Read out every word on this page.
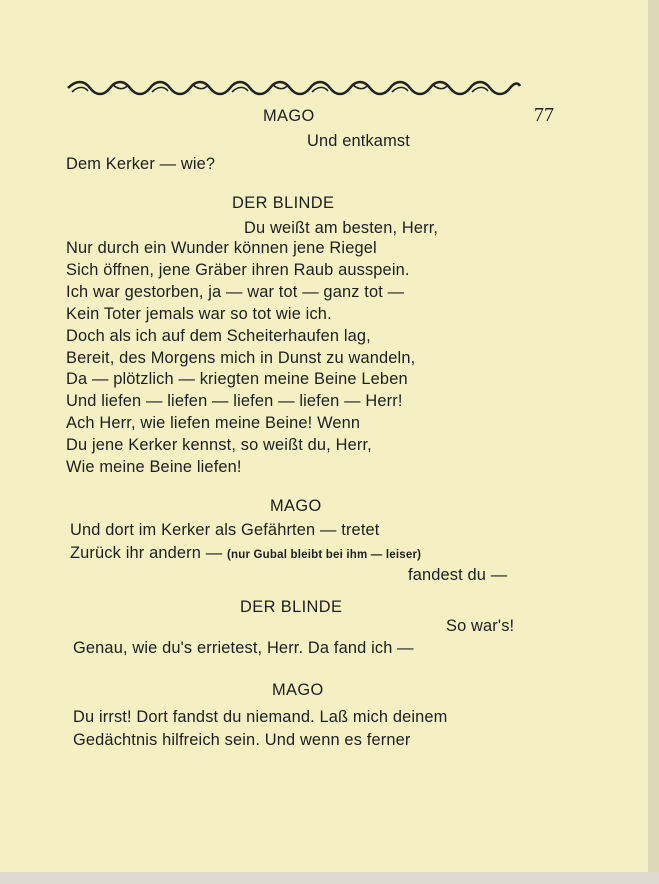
MAGO	77
Und entkamst
Dem Kerker — wie?
DER BLINDE
Du weißt am besten, Herr,
Nur durch ein Wunder können jene Riegel
Sich öffnen, jene Gräber ihren Raub ausspein.
Ich war gestorben, ja — war tot — ganz tot —
Kein Toter jemals war so tot wie ich.
Doch als ich auf dem Scheiterhaufen lag,
Bereit, des Morgens mich in Dunst zu wandeln,
Da — plötzlich — kriegten meine Beine Leben
Und liefen — liefen — liefen — liefen — Herr!
Ach Herr, wie liefen meine Beine! Wenn
Du jene Kerker kennst, so weißt du, Herr,
Wie meine Beine liefen!
MAGO
Und dort im Kerker als Gefährten — tretet
Zurück ihr andern — (nur Gubal bleibt bei ihm — leiser)
fandest du —
DER BLINDE
So war's!
Genau, wie du's errietest, Herr. Da fand ich —
MAGO
Du irrst! Dort fandst du niemand. Laß mich deinem
Gedächtnis hilfreich sein. Und wenn es ferner
